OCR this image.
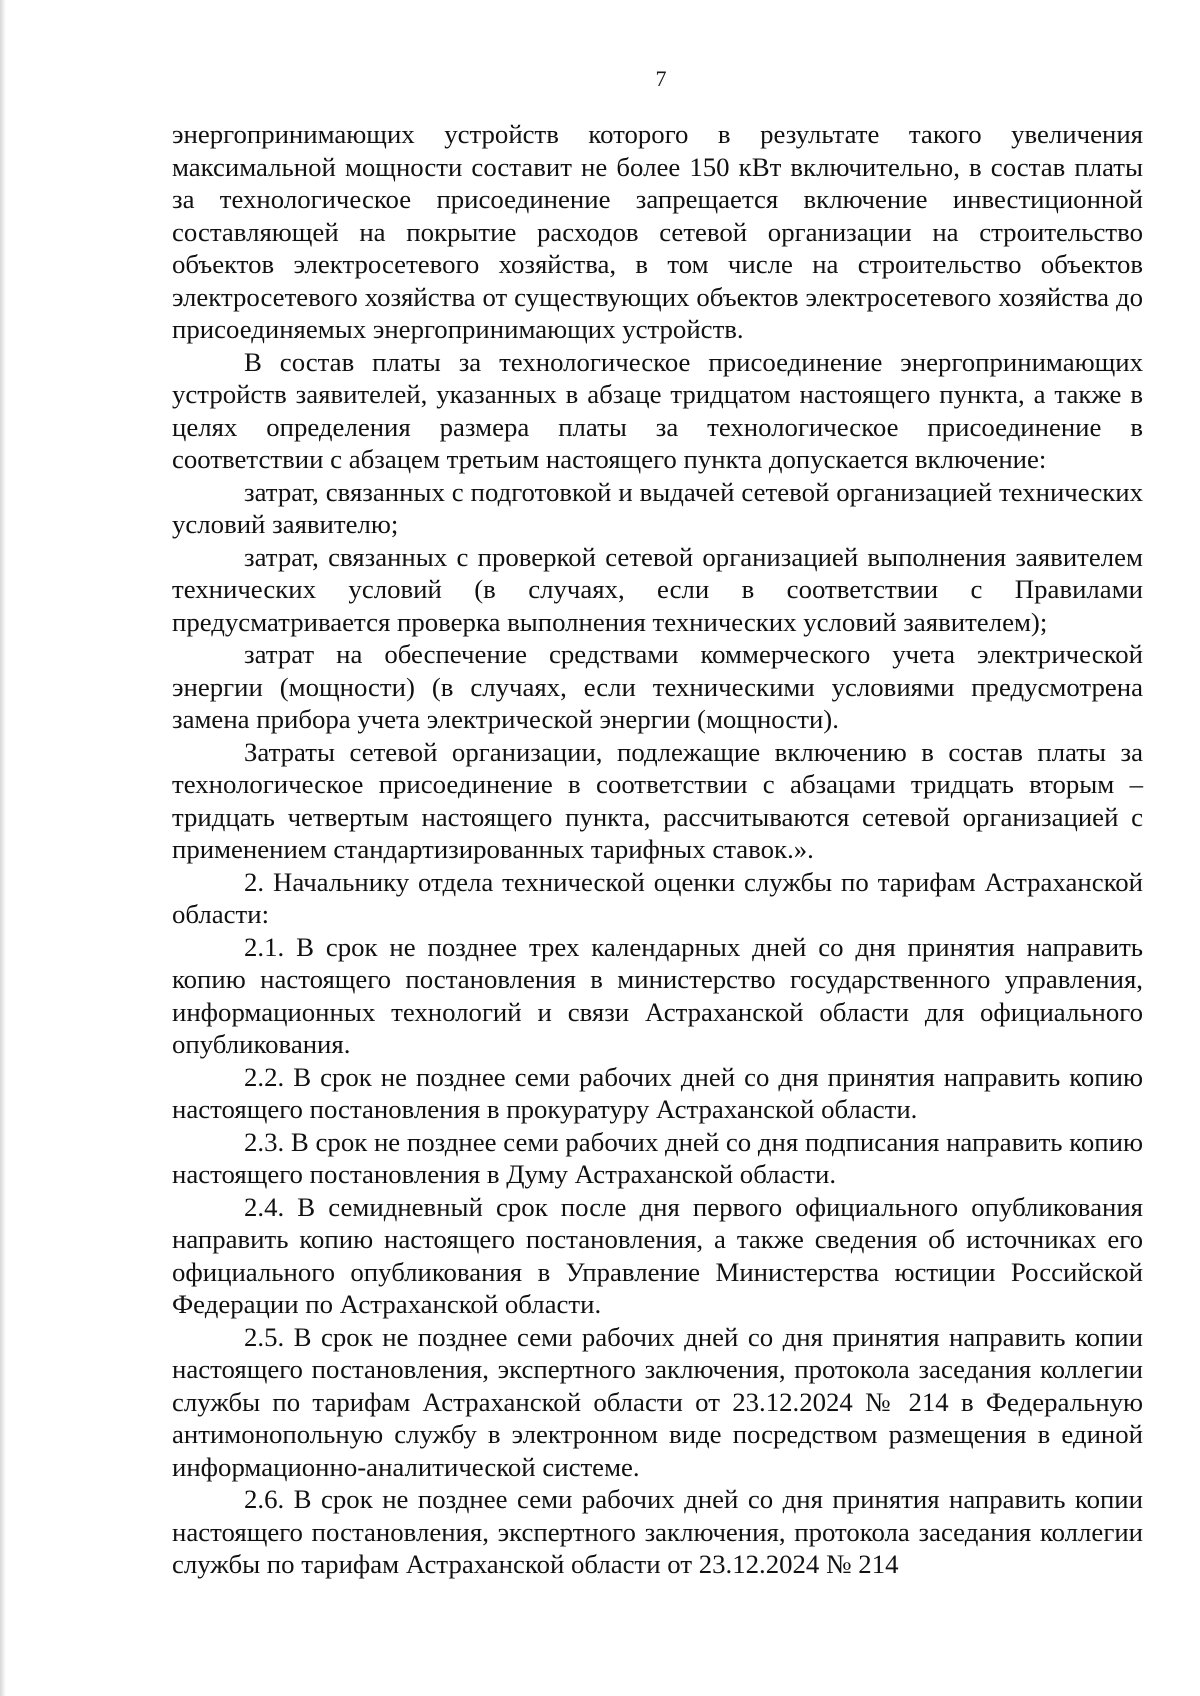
7

энергопринимающих устройств которого в результате такого увеличения максимальной мощности составит не более 150 кВт включительно, в состав платы за технологическое присоединение запрещается включение инвестиционной составляющей на покрытие расходов сетевой организации на строительство объектов электросетевого хозяйства, в том числе на строительство объектов электросетевого хозяйства от существующих объектов электросетевого хозяйства до присоединяемых энергопринимающих устройств.

В состав платы за технологическое присоединение энергопринимающих устройств заявителей, указанных в абзаце тридцатом настоящего пункта, а также в целях определения размера платы за технологическое присоединение в соответствии с абзацем третьим настоящего пункта допускается включение:

затрат, связанных с подготовкой и выдачей сетевой организацией технических условий заявителю;

затрат, связанных с проверкой сетевой организацией выполнения заявителем технических условий (в случаях, если в соответствии с Правилами предусматривается проверка выполнения технических условий заявителем);

затрат на обеспечение средствами коммерческого учета электрической энергии (мощности) (в случаях, если техническими условиями предусмотрена замена прибора учета электрической энергии (мощности).

Затраты сетевой организации, подлежащие включению в состав платы за технологическое присоединение в соответствии с абзацами тридцать вторым – тридцать четвертым настоящего пункта, рассчитываются сетевой организацией с применением стандартизированных тарифных ставок.».

2. Начальнику отдела технической оценки службы по тарифам Астраханской области:

2.1. В срок не позднее трех календарных дней со дня принятия направить копию настоящего постановления в министерство государственного управления, информационных технологий и связи Астраханской области для официального опубликования.

2.2. В срок не позднее семи рабочих дней со дня принятия направить копию настоящего постановления в прокуратуру Астраханской области.

2.3. В срок не позднее семи рабочих дней со дня подписания направить копию настоящего постановления в Думу Астраханской области.

2.4. В семидневный срок после дня первого официального опубликования направить копию настоящего постановления, а также сведения об источниках его официального опубликования в Управление Министерства юстиции Российской Федерации по Астраханской области.

2.5. В срок не позднее семи рабочих дней со дня принятия направить копии настоящего постановления, экспертного заключения, протокола заседания коллегии службы по тарифам Астраханской области от 23.12.2024 № 214 в Федеральную антимонопольную службу в электронном виде посредством размещения в единой информационно-аналитической системе.

2.6. В срок не позднее семи рабочих дней со дня принятия направить копии настоящего постановления, экспертного заключения, протокола заседания коллегии службы по тарифам Астраханской области от 23.12.2024 № 214
